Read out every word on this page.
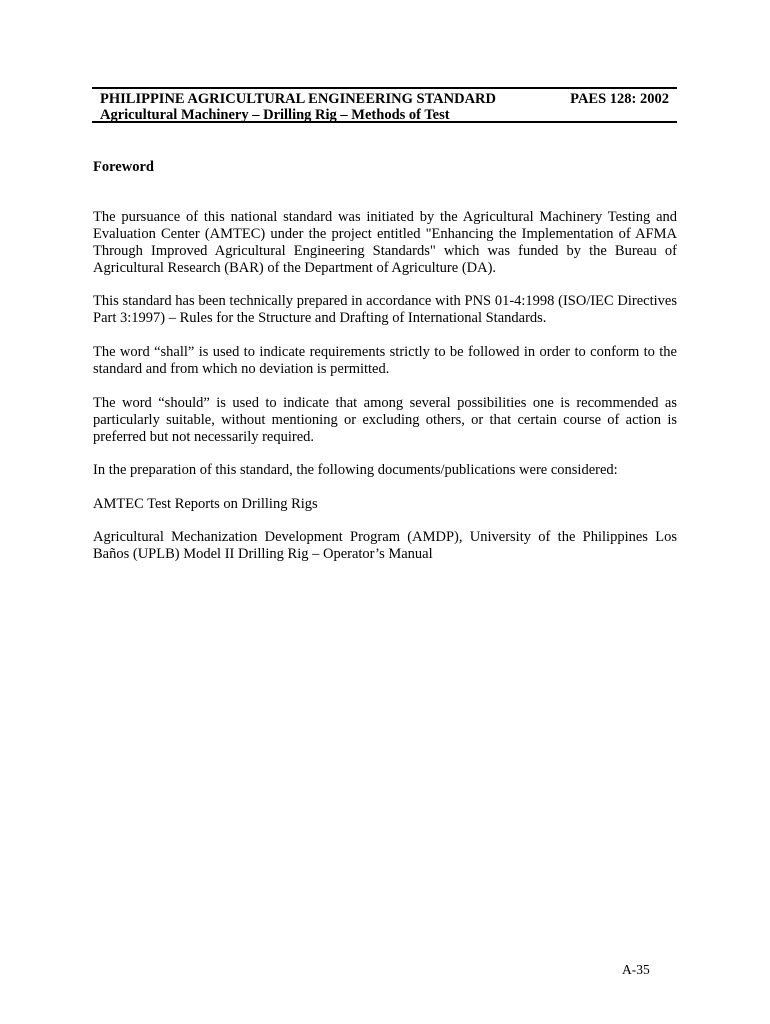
PHILIPPINE AGRICULTURAL ENGINEERING STANDARD	PAES 128: 2002
Agricultural Machinery – Drilling Rig – Methods of Test
Foreword

The pursuance of this national standard was initiated by the Agricultural Machinery Testing and Evaluation Center (AMTEC) under the project entitled "Enhancing the Implementation of AFMA Through Improved Agricultural Engineering Standards" which was funded by the Bureau of Agricultural Research (BAR) of the Department of Agriculture (DA).

This standard has been technically prepared in accordance with PNS 01-4:1998 (ISO/IEC Directives Part 3:1997) – Rules for the Structure and Drafting of International Standards.

The word “shall” is used to indicate requirements strictly to be followed in order to conform to the standard and from which no deviation is permitted.

The word “should” is used to indicate that among several possibilities one is recommended as particularly suitable, without mentioning or excluding others, or that certain course of action is preferred but not necessarily required.

In the preparation of this standard, the following documents/publications were considered:

AMTEC Test Reports on Drilling Rigs

Agricultural Mechanization Development Program (AMDP), University of the Philippines Los Baños (UPLB) Model II Drilling Rig – Operator’s Manual

A-35
